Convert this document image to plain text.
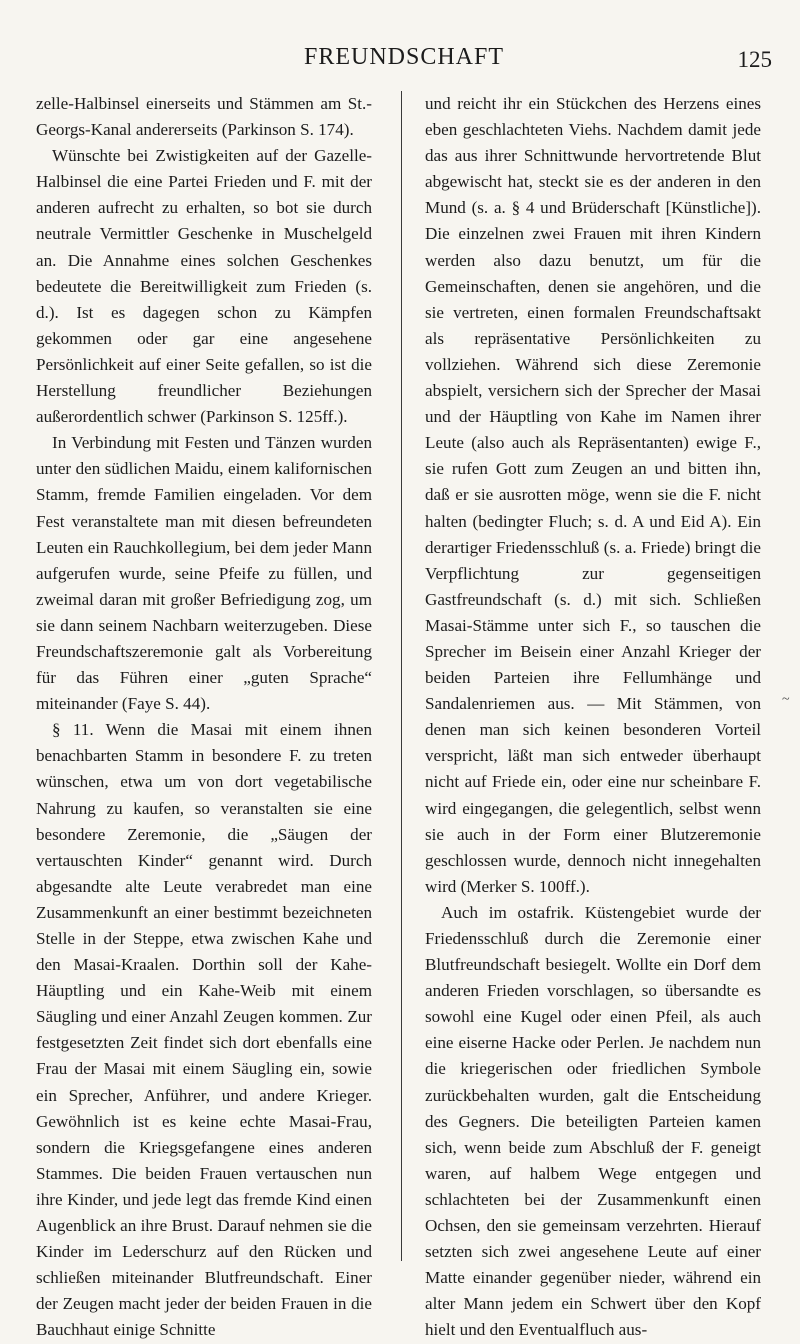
FREUNDSCHAFT	125

zelle-Halbinsel einerseits und Stämmen am St.-Georgs-Kanal andererseits (Parkinson S. 174).

Wünschte bei Zwistigkeiten auf der Gazelle-Halbinsel die eine Partei Frieden und F. mit der anderen aufrecht zu erhalten, so bot sie durch neutrale Vermittler Geschenke in Muschelgeld an. Die Annahme eines solchen Geschenkes bedeutete die Bereitwilligkeit zum Frieden (s. d.). Ist es dagegen schon zu Kämpfen gekommen oder gar eine angesehene Persönlichkeit auf einer Seite gefallen, so ist die Herstellung freundlicher Beziehungen außerordentlich schwer (Parkinson S. 125ff.).

In Verbindung mit Festen und Tänzen wurden unter den südlichen Maidu, einem kalifornischen Stamm, fremde Familien eingeladen. Vor dem Fest veranstaltete man mit diesen befreundeten Leuten ein Rauchkollegium, bei dem jeder Mann aufgerufen wurde, seine Pfeife zu füllen, und zweimal daran mit großer Befriedigung zog, um sie dann seinem Nachbarn weiterzugeben. Diese Freundschaftszeremonie galt als Vorbereitung für das Führen einer „guten Sprache“ miteinander (Faye S. 44).

§ 11. Wenn die Masai mit einem ihnen benachbarten Stamm in besondere F. zu treten wünschen, etwa um von dort vegetabilische Nahrung zu kaufen, so veranstalten sie eine besondere Zeremonie, die „Säugen der vertauschten Kinder“ genannt wird. Durch abgesandte alte Leute verabredet man eine Zusammenkunft an einer bestimmt bezeichneten Stelle in der Steppe, etwa zwischen Kahe und den Masai-Kraalen. Dorthin soll der Kahe-Häuptling und ein Kahe-Weib mit einem Säugling und einer Anzahl Zeugen kommen. Zur festgesetzten Zeit findet sich dort ebenfalls eine Frau der Masai mit einem Säugling ein, sowie ein Sprecher, Anführer, und andere Krieger. Gewöhnlich ist es keine echte Masai-Frau, sondern die Kriegsgefangene eines anderen Stammes. Die beiden Frauen vertauschen nun ihre Kinder, und jede legt das fremde Kind einen Augenblick an ihre Brust. Darauf nehmen sie die Kinder im Lederschurz auf den Rücken und schließen miteinander Blutfreundschaft. Einer der Zeugen macht jeder der beiden Frauen in die Bauchhaut einige Schnitte

und reicht ihr ein Stückchen des Herzens eines eben geschlachteten Viehs. Nachdem damit jede das aus ihrer Schnittwunde hervortretende Blut abgewischt hat, steckt sie es der anderen in den Mund (s. a. § 4 und Brüderschaft [Künstliche]). Die einzelnen zwei Frauen mit ihren Kindern werden also dazu benutzt, um für die Gemeinschaften, denen sie angehören, und die sie vertreten, einen formalen Freundschaftsakt als repräsentative Persönlichkeiten zu vollziehen. Während sich diese Zeremonie abspielt, versichern sich der Sprecher der Masai und der Häuptling von Kahe im Namen ihrer Leute (also auch als Repräsentanten) ewige F., sie rufen Gott zum Zeugen an und bitten ihn, daß er sie ausrotten möge, wenn sie die F. nicht halten (bedingter Fluch; s. d. A und Eid A). Ein derartiger Friedensschluß (s. a. Friede) bringt die Verpflichtung zur gegenseitigen Gastfreundschaft (s. d.) mit sich. Schließen Masai-Stämme unter sich F., so tauschen die Sprecher im Beisein einer Anzahl Krieger der beiden Parteien ihre Fellumhänge und Sandalenriemen aus. — Mit Stämmen, von denen man sich keinen besonderen Vorteil verspricht, läßt man sich entweder überhaupt nicht auf Friede ein, oder eine nur scheinbare F. wird eingegangen, die gelegentlich, selbst wenn sie auch in der Form einer Blutzeremonie geschlossen wurde, dennoch nicht innegehalten wird (Merker S. 100ff.).

Auch im ostafrik. Küstengebiet wurde der Friedensschluß durch die Zeremonie einer Blutfreundschaft besiegelt. Wollte ein Dorf dem anderen Frieden vorschlagen, so übersandte es sowohl eine Kugel oder einen Pfeil, als auch eine eiserne Hacke oder Perlen. Je nachdem nun die kriegerischen oder friedlichen Symbole zurückbehalten wurden, galt die Entscheidung des Gegners. Die beteiligten Parteien kamen sich, wenn beide zum Abschluß der F. geneigt waren, auf halbem Wege entgegen und schlachteten bei der Zusammenkunft einen Ochsen, den sie gemeinsam verzehrten. Hierauf setzten sich zwei angesehene Leute auf einer Matte einander gegenüber nieder, während ein alter Mann jedem ein Schwert über den Kopf hielt und den Eventualfluch aus-

~
